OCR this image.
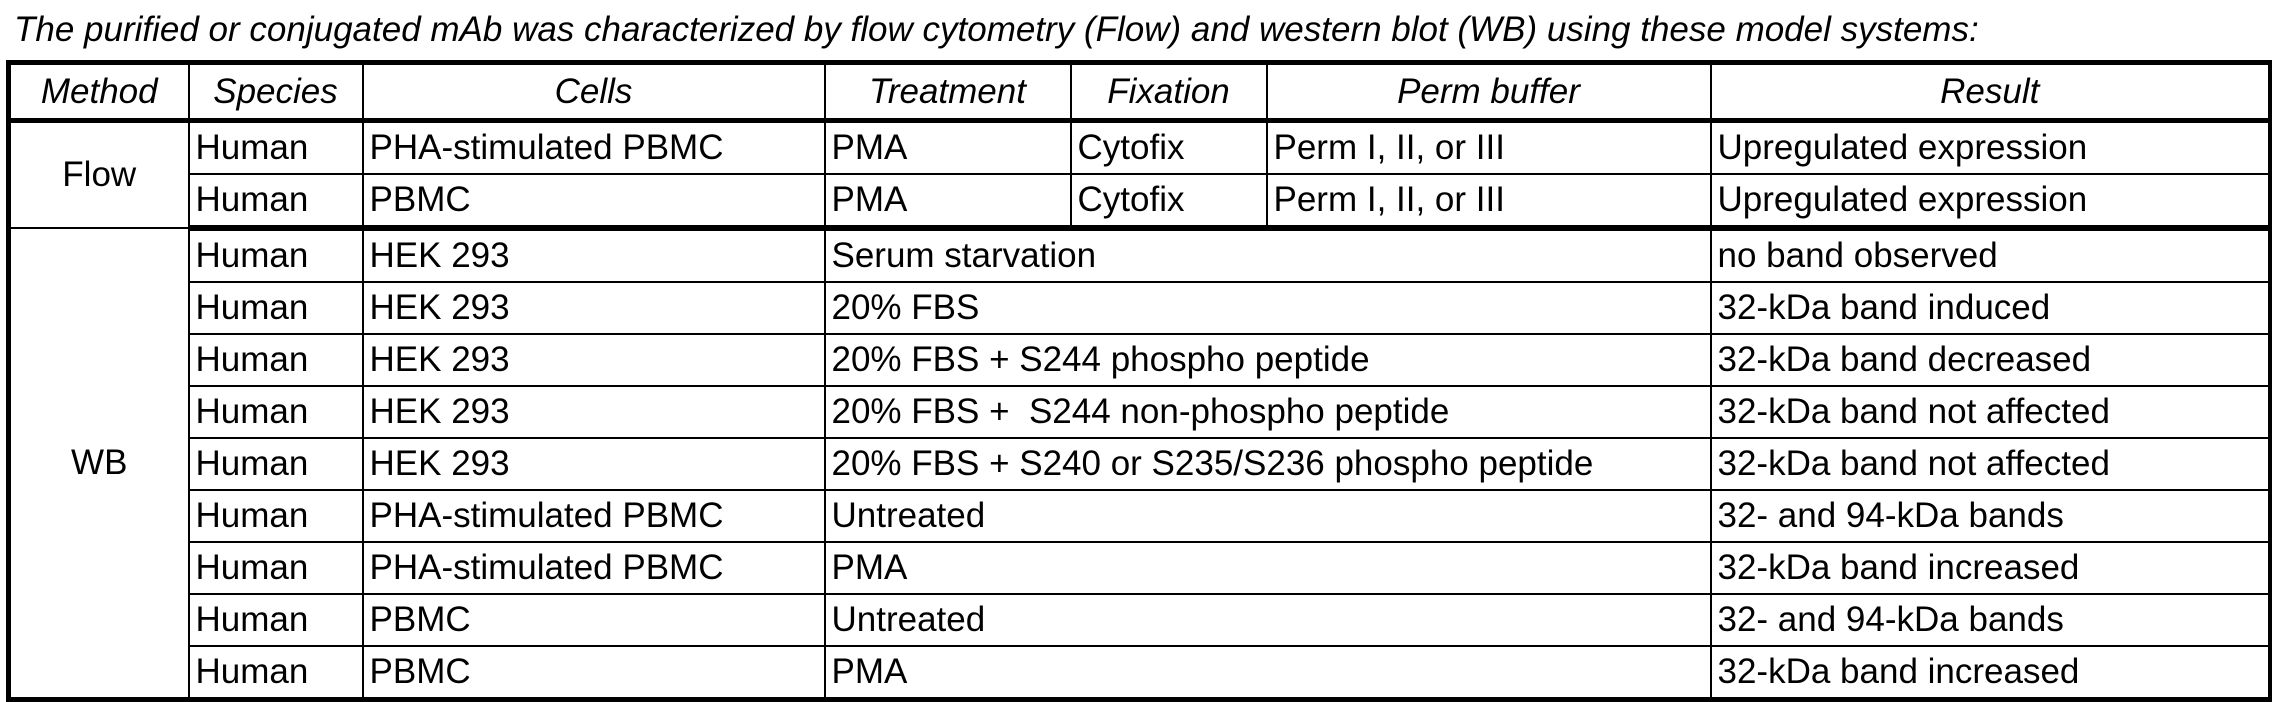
The purified or conjugated mAb was characterized by flow cytometry (Flow) and western blot (WB) using these model systems:
Method	Species	Cells	Treatment	Fixation	Perm buffer	Result
Flow	Human	PHA-stimulated PBMC	PMA	Cytofix	Perm I, II, or III	Upregulated expression
	Human	PBMC	PMA	Cytofix	Perm I, II, or III	Upregulated expression
WB	Human	HEK 293	Serum starvation			no band observed
	Human	HEK 293	20% FBS			32-kDa band induced
	Human	HEK 293	20% FBS + S244 phospho peptide			32-kDa band decreased
	Human	HEK 293	20% FBS +  S244 non-phospho peptide			32-kDa band not affected
	Human	HEK 293	20% FBS + S240 or S235/S236 phospho peptide			32-kDa band not affected
	Human	PHA-stimulated PBMC	Untreated			32- and 94-kDa bands
	Human	PHA-stimulated PBMC	PMA			32-kDa band increased
	Human	PBMC	Untreated			32- and 94-kDa bands
	Human	PBMC	PMA			32-kDa band increased
